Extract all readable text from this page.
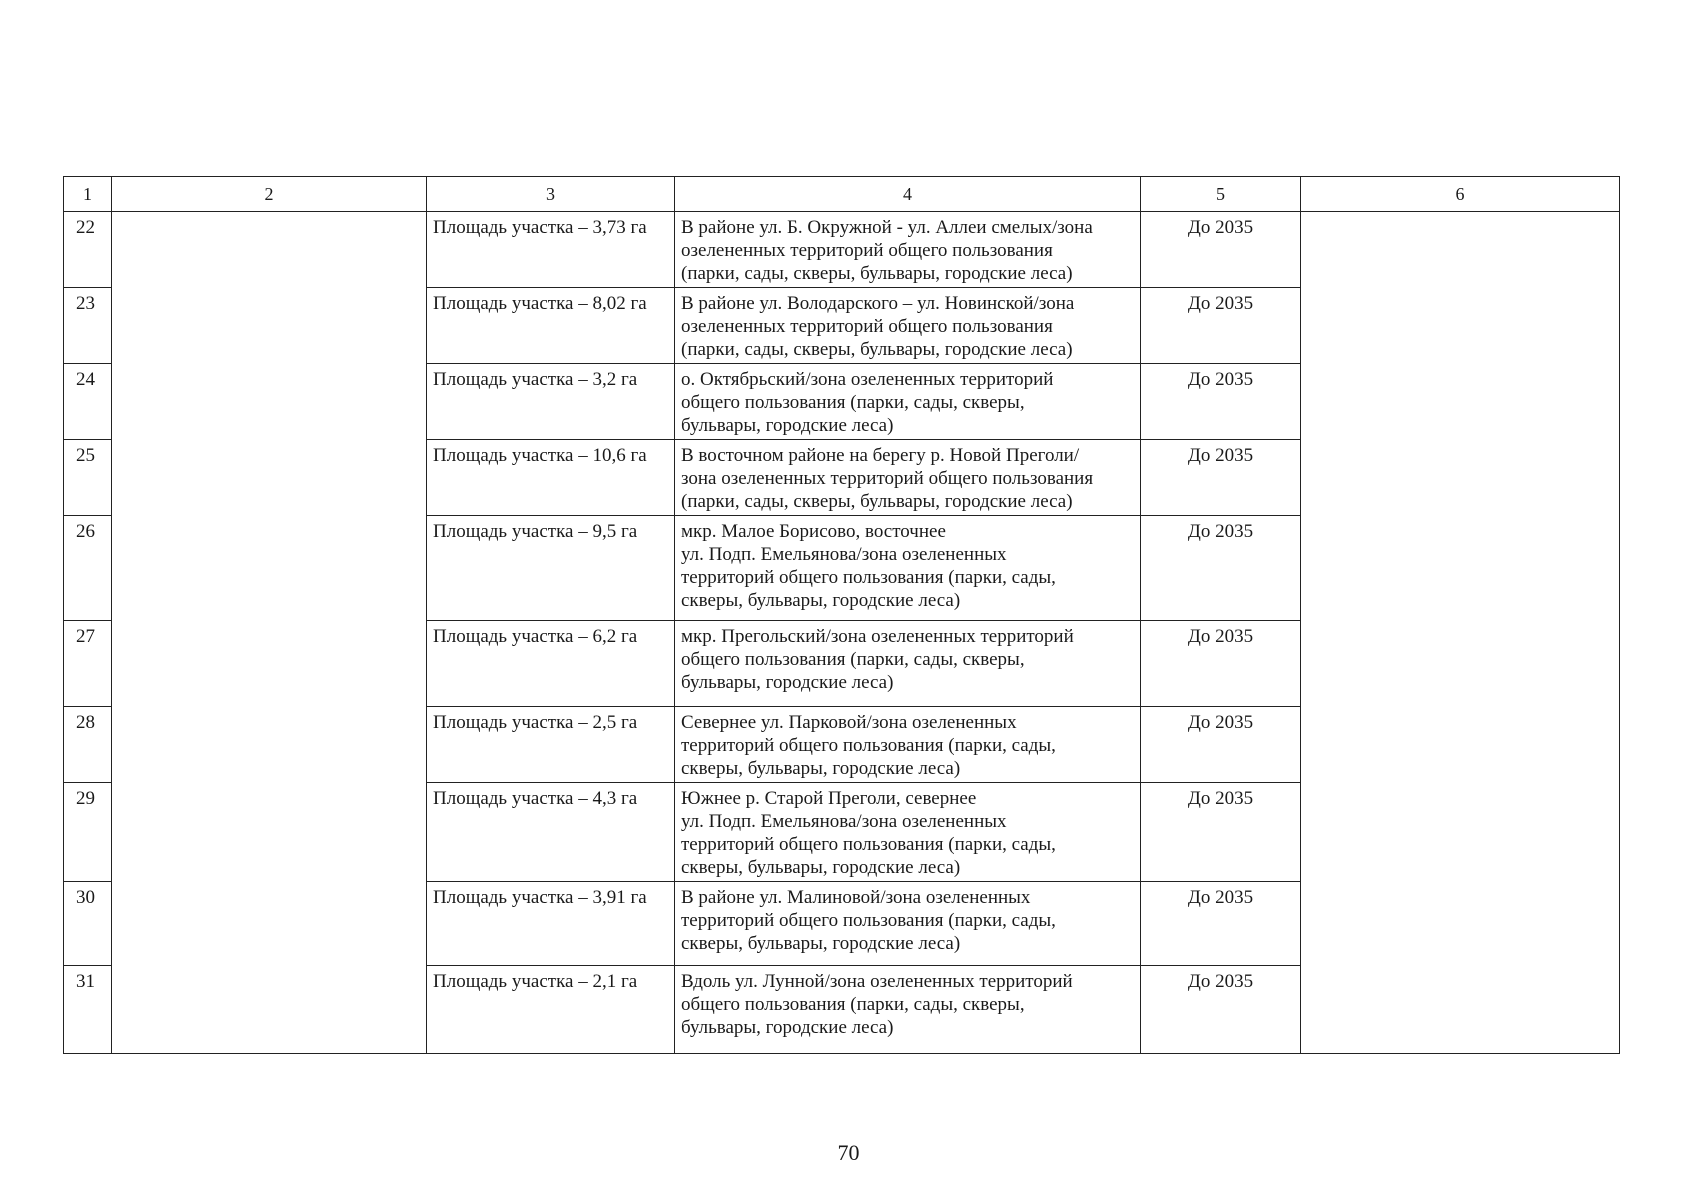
1	2	3	4	5	6
22		Площадь участка – 3,73 га	В районе ул. Б. Окружной - ул. Аллеи смелых/зона
озелененных территорий общего пользования
(парки, сады, скверы, бульвары, городские леса)	До 2035	
23		Площадь участка – 8,02 га	В районе ул. Володарского – ул. Новинской/зона
озелененных территорий общего пользования
(парки, сады, скверы, бульвары, городские леса)	До 2035	
24		Площадь участка – 3,2 га	о. Октябрьский/зона озелененных территорий
общего пользования (парки, сады, скверы,
бульвары, городские леса)	До 2035	
25		Площадь участка – 10,6 га	В восточном районе на берегу р. Новой Преголи/
зона озелененных территорий общего пользования
(парки, сады, скверы, бульвары, городские леса)	До 2035	
26		Площадь участка – 9,5 га	мкр. Малое Борисово, восточнее
ул. Подп. Емельянова/зона озелененных
территорий общего пользования (парки, сады,
скверы, бульвары, городские леса)	До 2035	
27		Площадь участка – 6,2 га	мкр. Прегольский/зона озелененных территорий
общего пользования (парки, сады, скверы,
бульвары, городские леса)	До 2035	
28		Площадь участка – 2,5 га	Севернее ул. Парковой/зона озелененных
территорий общего пользования (парки, сады,
скверы, бульвары, городские леса)	До 2035	
29		Площадь участка – 4,3 га	Южнее р. Старой Преголи, севернее
ул. Подп. Емельянова/зона озелененных
территорий общего пользования (парки, сады,
скверы, бульвары, городские леса)	До 2035	
30		Площадь участка – 3,91 га	В районе ул. Малиновой/зона озелененных
территорий общего пользования (парки, сады,
скверы, бульвары, городские леса)	До 2035	
31		Площадь участка – 2,1 га	Вдоль ул. Лунной/зона озелененных территорий
общего пользования (парки, сады, скверы,
бульвары, городские леса)	До 2035	
70
